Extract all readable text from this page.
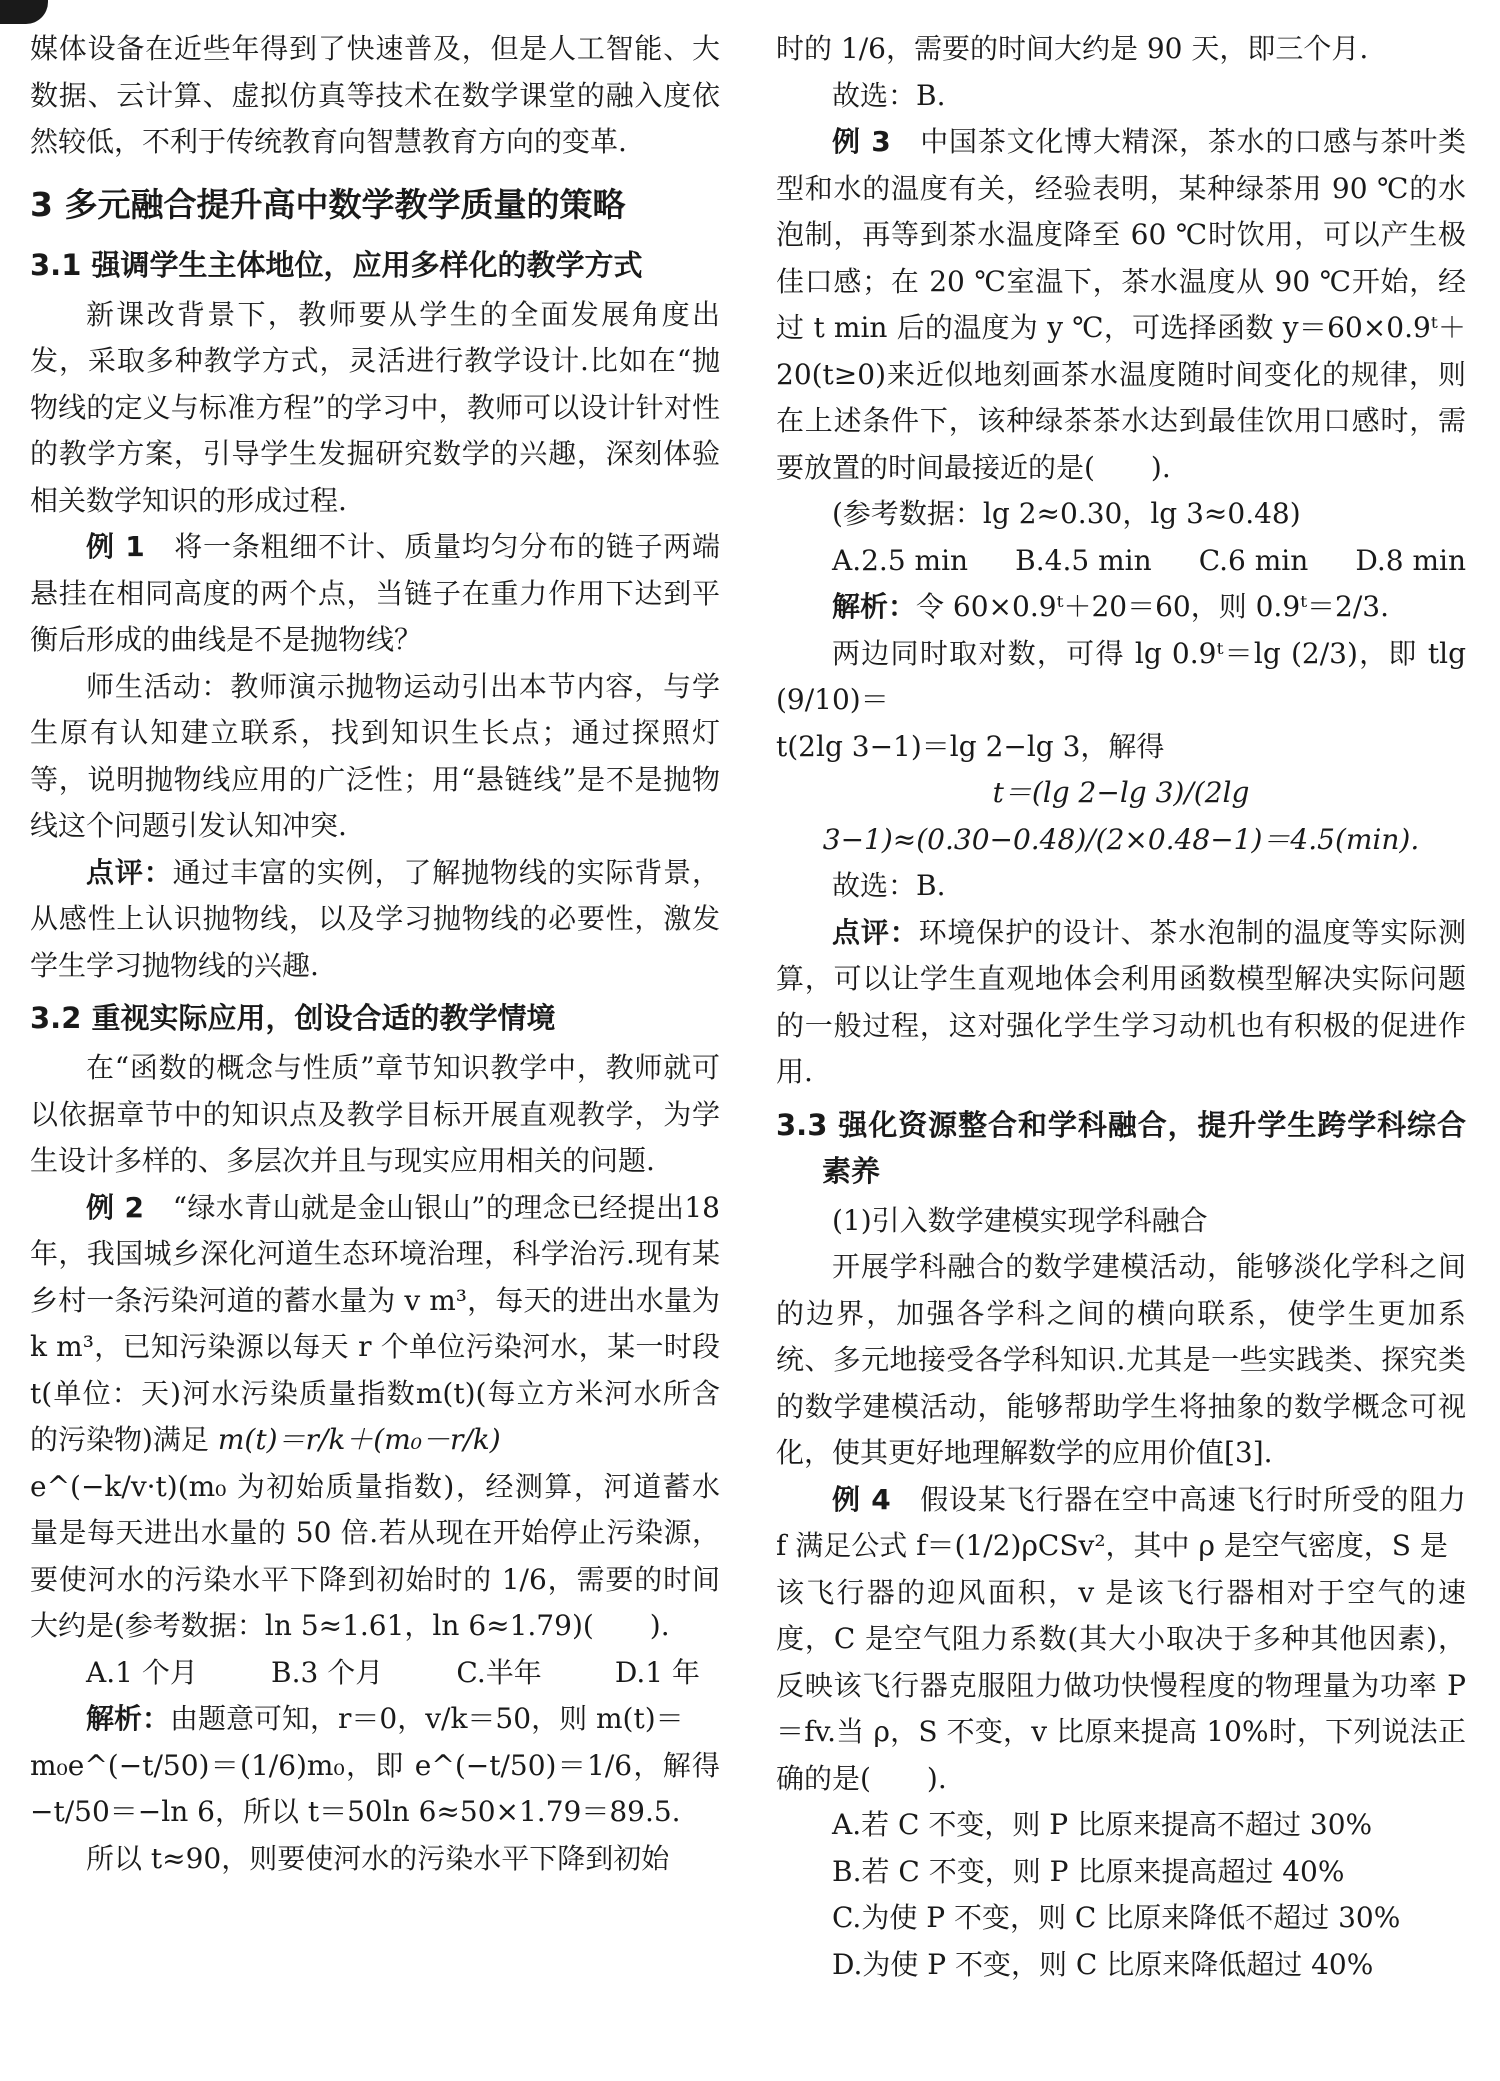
媒体设备在近些年得到了快速普及，但是人工智能、大数据、云计算、虚拟仿真等技术在数学课堂的融入度依然较低，不利于传统教育向智慧教育方向的变革.

3 多元融合提升高中数学教学质量的策略

3.1 强调学生主体地位，应用多样化的教学方式

新课改背景下，教师要从学生的全面发展角度出发，采取多种教学方式，灵活进行教学设计.比如在“抛物线的定义与标准方程”的学习中，教师可以设计针对性的教学方案，引导学生发掘研究数学的兴趣，深刻体验相关数学知识的形成过程.

例 1　 将一条粗细不计、质量均匀分布的链子两端悬挂在相同高度的两个点，当链子在重力作用下达到平衡后形成的曲线是不是抛物线？

师生活动：教师演示抛物运动引出本节内容，与学生原有认知建立联系，找到知识生长点；通过探照灯等，说明抛物线应用的广泛性；用“悬链线”是不是抛物线这个问题引发认知冲突.

点评：通过丰富的实例，了解抛物线的实际背景，从感性上认识抛物线，以及学习抛物线的必要性，激发学生学习抛物线的兴趣.

3.2 重视实际应用，创设合适的教学情境

在“函数的概念与性质”章节知识教学中，教师就可以依据章节中的知识点及教学目标开展直观教学，为学生设计多样的、多层次并且与现实应用相关的问题.

例 2　 “绿水青山就是金山银山”的理念已经提出18年，我国城乡深化河道生态环境治理，科学治污.现有某乡村一条污染河道的蓄水量为 v m³，每天的进出水量为 k m³，已知污染源以每天 r 个单位污染河水，某一时段 t(单位：天)河水污染质量指数m(t)(每立方米河水所含的污染物)满足 m(t)＝r/k＋(m₀－r/k)

e^(−k/v·t)(m₀ 为初始质量指数)，经测算，河道蓄水量是每天进出水量的 50 倍.若从现在开始停止污染源，要使河水的污染水平下降到初始时的 1/6，需要的时间大约是(参考数据：ln 5≈1.61，ln 6≈1.79)(　　).

A.1 个月	B.3 个月	C.半年	D.1 年

解析：由题意可知，r＝0，v/k＝50，则 m(t)＝

m₀e^(−t/50)＝(1/6)m₀，即 e^(−t/50)＝1/6，解得 −t/50＝−ln 6，所以 t＝50ln 6≈50×1.79＝89.5.

所以 t≈90，则要使河水的污染水平下降到初始

时的 1/6，需要的时间大约是 90 天，即三个月.

故选：B.

例 3　 中国茶文化博大精深，茶水的口感与茶叶类型和水的温度有关，经验表明，某种绿茶用 90 ℃的水泡制，再等到茶水温度降至 60 ℃时饮用，可以产生极佳口感；在 20 ℃室温下，茶水温度从 90 ℃开始，经过 t min 后的温度为 y ℃，可选择函数 y＝60×0.9ᵗ＋20(t≥0)来近似地刻画茶水温度随时间变化的规律，则在上述条件下，该种绿茶茶水达到最佳饮用口感时，需要放置的时间最接近的是(　　).

(参考数据：lg 2≈0.30，lg 3≈0.48)

A.2.5 min B.4.5 min C.6 min D.8 min

解析：令 60×0.9ᵗ＋20＝60，则 0.9ᵗ＝2/3.

两边同时取对数，可得 lg 0.9ᵗ＝lg (2/3)，即 tlg (9/10)＝

t(2lg 3−1)＝lg 2−lg 3，解得

t＝(lg 2−lg 3)/(2lg 3−1)≈(0.30−0.48)/(2×0.48−1)＝4.5(min).

故选：B.

点评：环境保护的设计、茶水泡制的温度等实际测算，可以让学生直观地体会利用函数模型解决实际问题的一般过程，这对强化学生学习动机也有积极的促进作用.

3.3 强化资源整合和学科融合，提升学生跨学科综合素养

(1)引入数学建模实现学科融合

开展学科融合的数学建模活动，能够淡化学科之间的边界，加强各学科之间的横向联系，使学生更加系统、多元地接受各学科知识.尤其是一些实践类、探究类的数学建模活动，能够帮助学生将抽象的数学概念可视化，使其更好地理解数学的应用价值[3].

例 4　 假设某飞行器在空中高速飞行时所受的阻力 f 满足公式 f＝(1/2)ρCSv²，其中 ρ 是空气密度，S 是

该飞行器的迎风面积，v 是该飞行器相对于空气的速度，C 是空气阻力系数(其大小取决于多种其他因素)，反映该飞行器克服阻力做功快慢程度的物理量为功率 P＝fv.当 ρ，S 不变，v 比原来提高 10%时，下列说法正确的是(　　).

A.若 C 不变，则 P 比原来提高不超过 30%

B.若 C 不变，则 P 比原来提高超过 40%

C.为使 P 不变，则 C 比原来降低不超过 30%

D.为使 P 不变，则 C 比原来降低超过 40%
